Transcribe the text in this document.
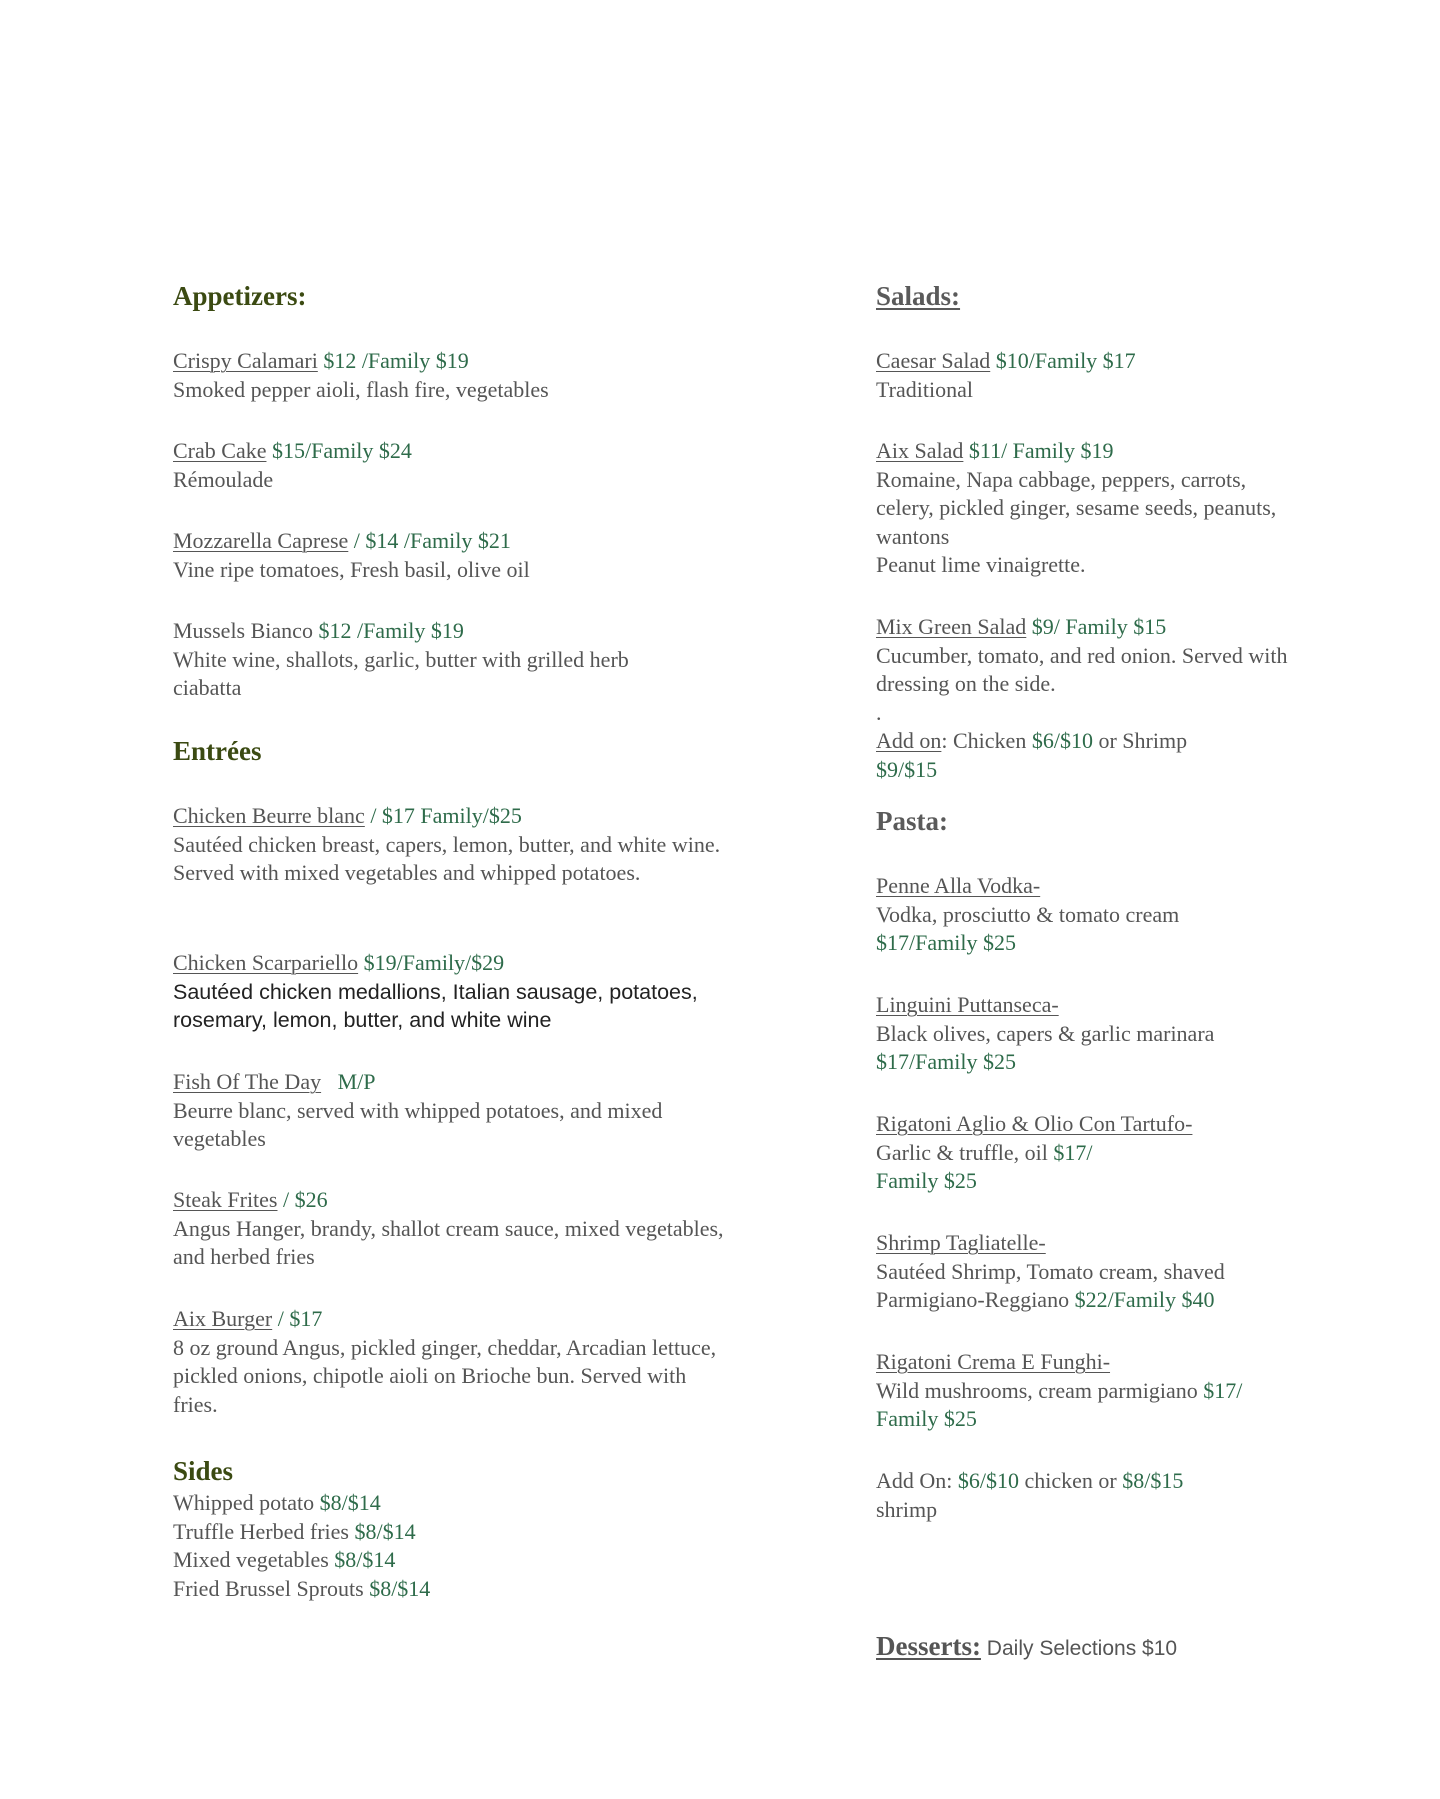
Appetizers:
Crispy Calamari $12 /Family $19
Smoked pepper aioli, flash fire, vegetables
Crab Cake $15/Family $24
Rémoulade
Mozzarella Caprese / $14 /Family $21
Vine ripe tomatoes, Fresh basil, olive oil
Mussels Bianco $12 /Family $19
White wine, shallots, garlic, butter with grilled herb ciabatta
Entrées
Chicken Beurre blanc / $17 Family/$25
Sautéed chicken breast, capers, lemon, butter, and white wine. Served with mixed vegetables and whipped potatoes.
Chicken Scarpariello $19/Family/$29
Sautéed chicken medallions, Italian sausage, potatoes, rosemary, lemon, butter, and white wine
Fish Of The Day   M/P
Beurre blanc, served with whipped potatoes, and mixed vegetables
Steak Frites / $26
Angus Hanger, brandy, shallot cream sauce, mixed vegetables, and herbed fries
Aix Burger / $17
8 oz ground Angus, pickled ginger, cheddar, Arcadian lettuce, pickled onions, chipotle aioli on Brioche bun. Served with fries.
Sides
Whipped potato $8/$14
Truffle Herbed fries $8/$14
Mixed vegetables $8/$14
Fried Brussel Sprouts $8/$14
Salads:
Caesar Salad $10/Family $17
Traditional
Aix Salad $11/ Family $19
Romaine, Napa cabbage, peppers, carrots, celery, pickled ginger, sesame seeds, peanuts, wantons
Peanut lime vinaigrette.
Mix Green Salad $9/ Family $15
Cucumber, tomato, and red onion. Served with dressing on the side.
.
Add on: Chicken $6/$10 or Shrimp $9/$15
Pasta:
Penne Alla Vodka-
Vodka, prosciutto & tomato cream
$17/Family $25
Linguini Puttanseca-
Black olives, capers & garlic marinara
$17/Family $25
Rigatoni Aglio & Olio Con Tartufo-
Garlic & truffle, oil $17/ Family $25
Shrimp Tagliatelle-
Sautéed Shrimp, Tomato cream, shaved Parmigiano-Reggiano $22/Family $40
Rigatoni Crema E Funghi-
Wild mushrooms, cream parmigiano $17/ Family $25
Add On: $6/$10 chicken or $8/$15 shrimp
Desserts: Daily Selections $10
